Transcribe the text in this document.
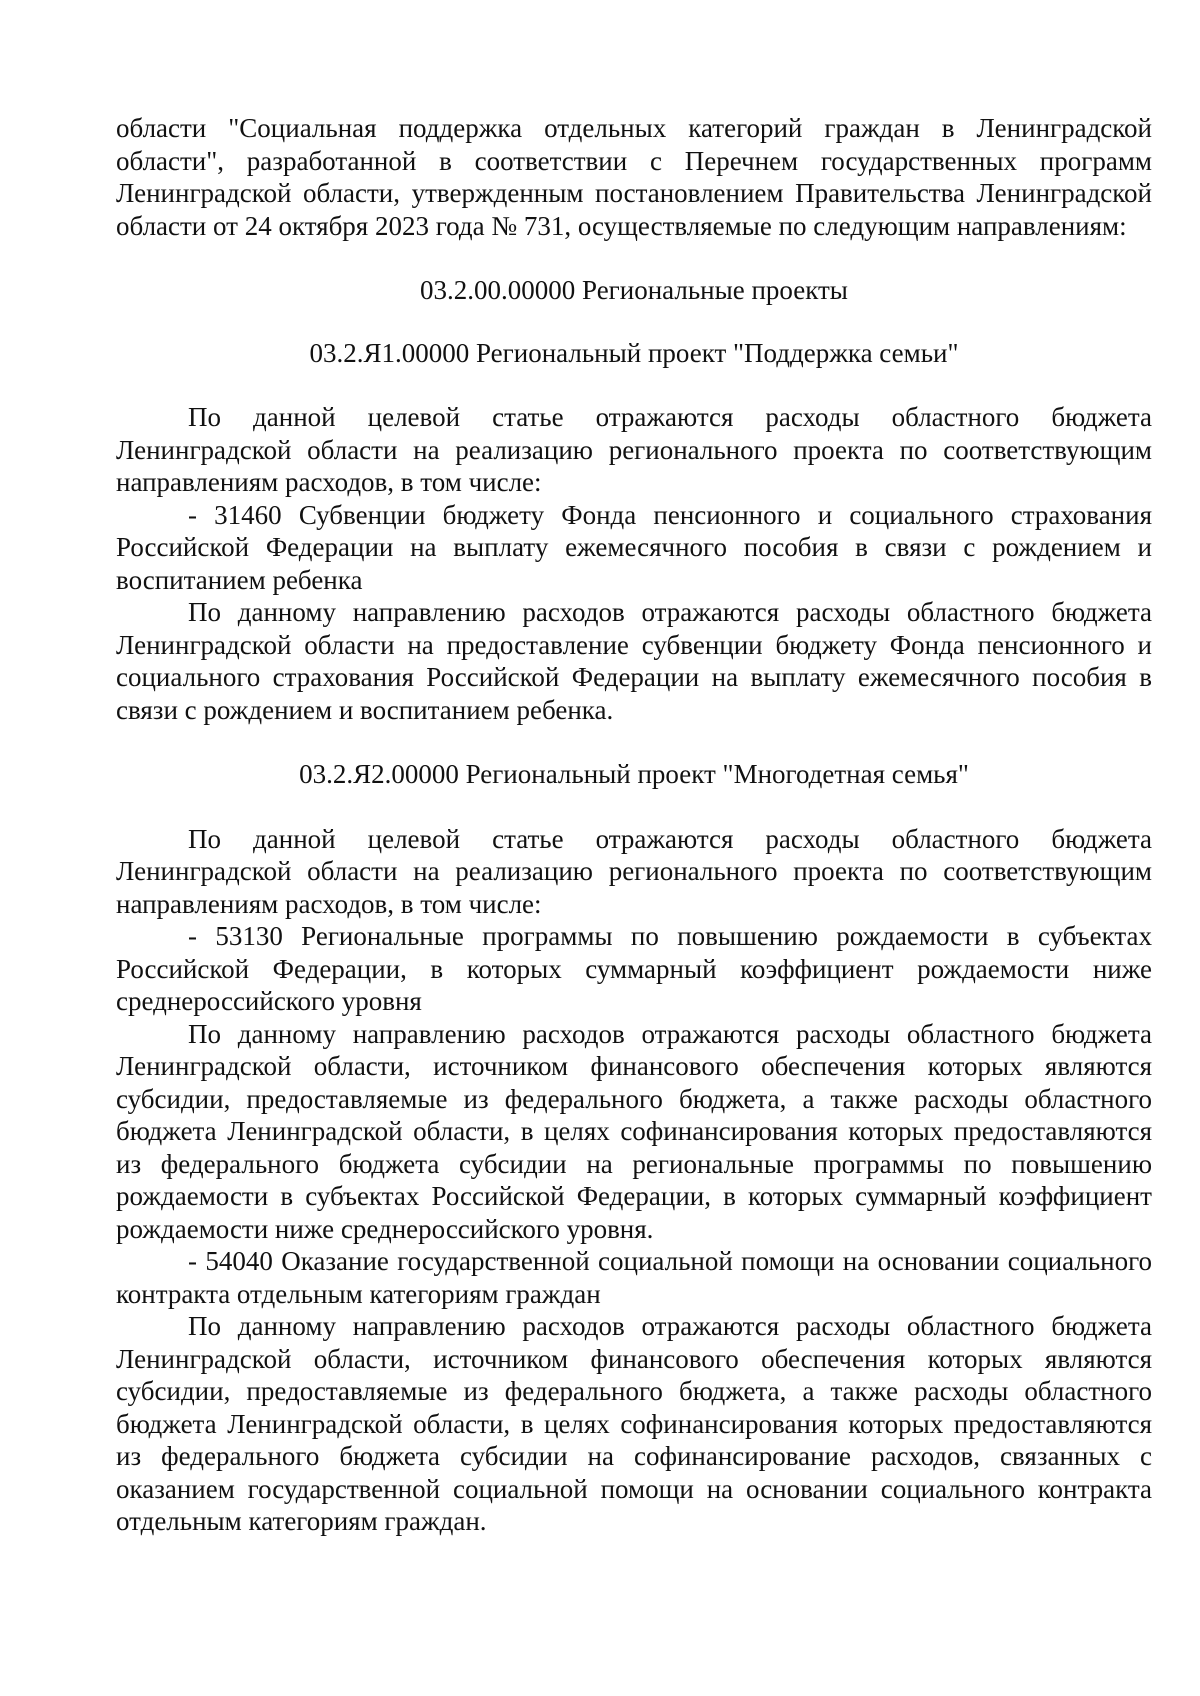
области "Социальная поддержка отдельных категорий граждан в Ленинградской области", разработанной в соответствии с Перечнем государственных программ Ленинградской области, утвержденным постановлением Правительства Ленинградской области от 24 октября 2023 года № 731, осуществляемые по следующим направлениям:

03.2.00.00000 Региональные проекты

03.2.Я1.00000 Региональный проект "Поддержка семьи"

По данной целевой статье отражаются расходы областного бюджета Ленинградской области на реализацию регионального проекта по соответствующим направлениям расходов, в том числе:

- 31460 Субвенции бюджету Фонда пенсионного и социального страхования Российской Федерации на выплату ежемесячного пособия в связи с рождением и воспитанием ребенка

По данному направлению расходов отражаются расходы областного бюджета Ленинградской области на предоставление субвенции бюджету Фонда пенсионного и социального страхования Российской Федерации на выплату ежемесячного пособия в связи с рождением и воспитанием ребенка.

03.2.Я2.00000 Региональный проект "Многодетная семья"

По данной целевой статье отражаются расходы областного бюджета Ленинградской области на реализацию регионального проекта по соответствующим направлениям расходов, в том числе:

- 53130 Региональные программы по повышению рождаемости в субъектах Российской Федерации, в которых суммарный коэффициент рождаемости ниже среднероссийского уровня

По данному направлению расходов отражаются расходы областного бюджета Ленинградской области, источником финансового обеспечения которых являются субсидии, предоставляемые из федерального бюджета, а также расходы областного бюджета Ленинградской области, в целях софинансирования которых предоставляются из федерального бюджета субсидии на региональные программы по повышению рождаемости в субъектах Российской Федерации, в которых суммарный коэффициент рождаемости ниже среднероссийского уровня.

- 54040 Оказание государственной социальной помощи на основании социального контракта отдельным категориям граждан

По данному направлению расходов отражаются расходы областного бюджета Ленинградской области, источником финансового обеспечения которых являются субсидии, предоставляемые из федерального бюджета, а также расходы областного бюджета Ленинградской области, в целях софинансирования которых предоставляются из федерального бюджета субсидии на софинансирование расходов, связанных с оказанием государственной социальной помощи на основании социального контракта отдельным категориям граждан.
